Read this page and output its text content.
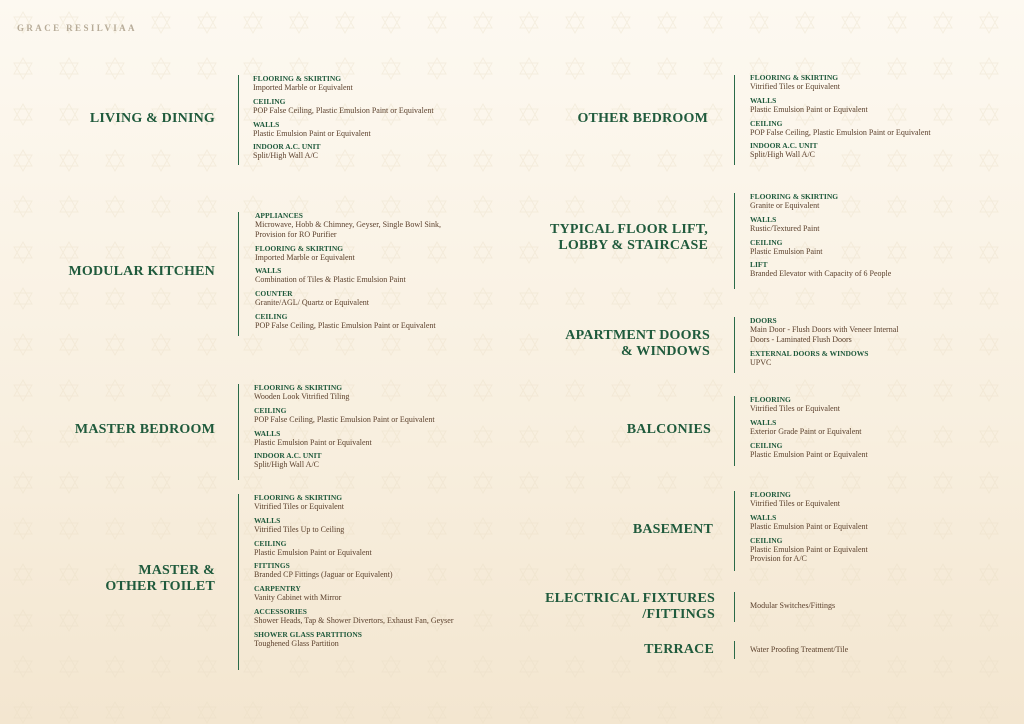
GRACE RESILVIAA
LIVING & DINING
FLOORING & SKIRTING
Imported Marble or Equivalent
CEILING
POP False Ceiling, Plastic Emulsion Paint or Equivalent
WALLS
Plastic Emulsion Paint or Equivalent
INDOOR A.C. UNIT
Split/High Wall A/C
MODULAR KITCHEN
APPLIANCES
Microwave, Hobb & Chimney, Geyser, Single Bowl Sink, Provision for RO Purifier
FLOORING & SKIRTING
Imported Marble or Equivalent
WALLS
Combination of Tiles & Plastic Emulsion Paint
COUNTER
Granite/AGL/ Quartz or Equivalent
CEILING
POP False Ceiling, Plastic Emulsion Paint or Equivalent
MASTER BEDROOM
FLOORING & SKIRTING
Wooden Look Vitrified Tiling
CEILING
POP False Ceiling, Plastic Emulsion Paint or Equivalent
WALLS
Plastic Emulsion Paint or Equivalent
INDOOR A.C. UNIT
Split/High Wall A/C
MASTER & OTHER TOILET
FLOORING & SKIRTING
Vitrified Tiles or Equivalent
WALLS
Vitrified Tiles Up to Ceiling
CEILING
Plastic Emulsion Paint or Equivalent
FITTINGS
Branded CP Fittings (Jaguar or Equivalent)
CARPENTRY
Vanity Cabinet with Mirror
ACCESSORIES
Shower Heads, Tap & Shower Divertors, Exhaust Fan, Geyser
SHOWER GLASS PARTITIONS
Toughened Glass Partition
OTHER BEDROOM
FLOORING & SKIRTING
Vitrified Tiles or Equivalent
WALLS
Plastic Emulsion Paint or Equivalent
CEILING
POP False Ceiling, Plastic Emulsion Paint or Equivalent
INDOOR A.C. UNIT
Split/High Wall A/C
TYPICAL FLOOR LIFT, LOBBY & STAIRCASE
FLOORING & SKIRTING
Granite or Equivalent
WALLS
Rustic/Textured Paint
CEILING
Plastic Emulsion Paint
LIFT
Branded Elevator with Capacity of 6 People
APARTMENT DOORS & WINDOWS
DOORS
Main Door - Flush Doors with Veneer Internal Doors - Laminated Flush Doors
EXTERNAL DOORS & WINDOWS
UPVC
BALCONIES
FLOORING
Vitrified Tiles or Equivalent
WALLS
Exterior Grade Paint or Equivalent
CEILING
Plastic Emulsion Paint or Equivalent
BASEMENT
FLOORING
Vitrified Tiles or Equivalent
WALLS
Plastic Emulsion Paint or Equivalent
CEILING
Plastic Emulsion Paint or Equivalent Provision for A/C
ELECTRICAL FIXTURES /FITTINGS
Modular Switches/Fittings
TERRACE	Water Proofing Treatment/Tile
